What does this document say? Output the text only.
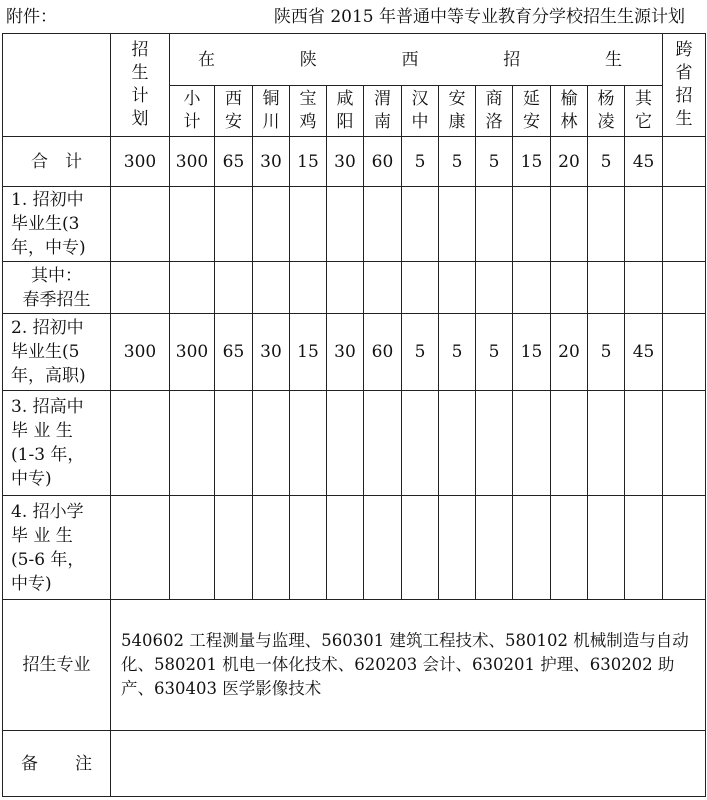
附件：	陕西省 2015 年普通中等专业教育分学校招生生源计划

	招生计划	在 陕 西 招 生													跨省招生

		小计	西安	铜川	宝鸡	咸阳	渭南	汉中	安康	商洛	延安	榆林	杨凌	其它	

合　计	300	300	65	30	15	30	60	5	5	5	15	20	5	45	

1. 招初中
毕业生(3
年，中专)															

其中：
春季招生															

2. 招初中
毕业生(5
年，高职)	300	300	65	30	15	30	60	5	5	5	15	20	5	45	

3. 招高中
毕 业 生
(1-3 年，
中专)															

4. 招小学
毕 业 生
(5-6 年，
中专)															

招生专业	540602 工程测量与监理、560301 建筑工程技术、580102 机械制造与自动化、580201 机电一体化技术、620203 会计、630201 护理、630202 助产、630403 医学影像技术														

备 注															
